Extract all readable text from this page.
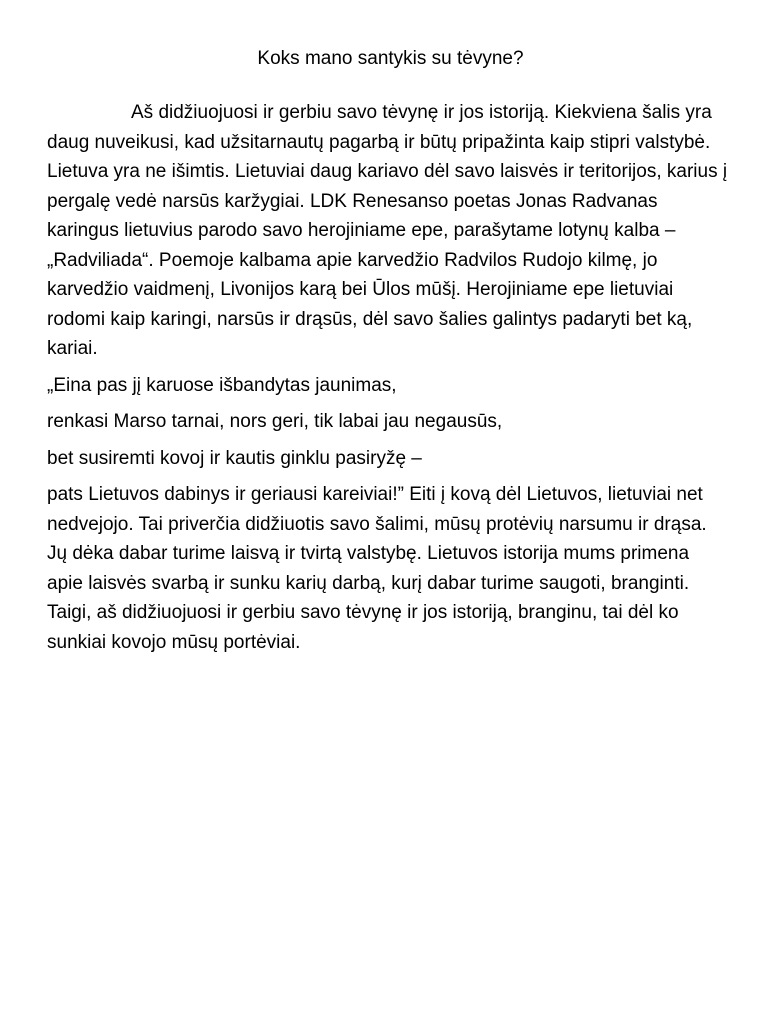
Koks mano santykis su tėvyne?

Aš didžiuojuosi ir gerbiu savo tėvynę ir jos istoriją. Kiekviena šalis yra daug nuveikusi, kad užsitarnautų pagarbą ir būtų pripažinta kaip stipri valstybė. Lietuva yra ne išimtis. Lietuviai daug kariavo dėl savo laisvės ir teritorijos, karius į pergalę vedė narsūs karžygiai. LDK Renesanso poetas Jonas Radvanas karingus lietuvius parodo savo herojiniame epe, parašytame lotynų kalba – „Radviliada“. Poemoje kalbama apie karvedžio Radvilos Rudojo kilmę, jo karvedžio vaidmenį, Livonijos karą bei Ūlos mūšį. Herojiniame epe lietuviai rodomi kaip karingi, narsūs ir drąsūs, dėl savo šalies galintys padaryti bet ką, kariai.

„Eina pas jį karuose išbandytas jaunimas,

renkasi Marso tarnai, nors geri, tik labai jau negausūs,

bet susiremti kovoj ir kautis ginklu pasiryžę –

pats Lietuvos dabinys ir geriausi kareiviai!” Eiti į kovą dėl Lietuvos, lietuviai net nedvejojo. Tai priverčia didžiuotis savo šalimi, mūsų protėvių narsumu ir drąsa. Jų dėka dabar turime laisvą ir tvirtą valstybę. Lietuvos istorija mums primena apie laisvės svarbą ir sunku karių darbą, kurį dabar turime saugoti, branginti. Taigi, aš didžiuojuosi ir gerbiu savo tėvynę ir jos istoriją, branginu, tai dėl ko sunkiai kovojo mūsų portėviai.
